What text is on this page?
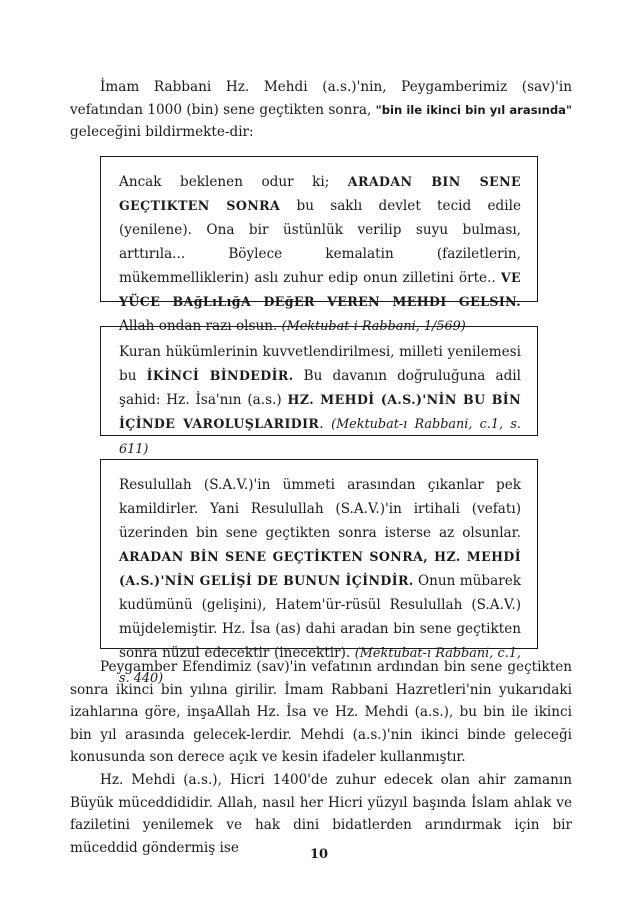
İmam Rabbani Hz. Mehdi (a.s.)'nin, Peygamberimiz (sav)'in vefatından 1000 (bin) sene geçtikten sonra, "bin ile ikinci bin yıl arasında" geleceğini bildirmekte-dir:

Ancak beklenen odur ki; ARADAN BIN SENE GEÇTIKTEN SONRA bu saklı devlet tecid edile (yenilene). Ona bir üstünlük verilip suyu bulması, arttırıla... Böylece kemalatin (faziletlerin, mükemmelliklerin) aslı zuhur edip onun zilletini örte.. VE YÜCE BAğLıLığA DEğER VEREN MEHDI GELSIN. Allah ondan razı olsun. (Mektubat-i Rabbani, 1/569)

Kuran hükümlerinin kuvvetlendirilmesi, milleti yenilemesi bu İKİNCİ BİNDEDİR. Bu davanın doğruluğuna adil şahid: Hz. İsa'nın (a.s.) HZ. MEHDİ (A.S.)'NİN BU BİN İÇİNDE VAROLUŞLARIDIR. (Mektubat-ı Rabbani, c.1, s. 611)

Resulullah (S.A.V.)'in ümmeti arasından çıkanlar pek kamildirler. Yani Resulullah (S.A.V.)'in irtihali (vefatı) üzerinden bin sene geçtikten sonra isterse az olsunlar. ARADAN BİN SENE GEÇTİKTEN SONRA, HZ. MEHDİ (A.S.)'NİN GELİŞİ DE BUNUN İÇİNDİR. Onun mübarek kudümünü (gelişini), Hatem'ür-rüsül Resulullah (S.A.V.) müjdelemiştir. Hz. İsa (as) dahi aradan bin sene geçtikten sonra nüzul edecektir (inecektir). (Mektubat-ı Rabbani, c.1, s. 440)

Peygamber Efendimiz (sav)'in vefatının ardından bin sene geçtikten sonra ikinci bin yılına girilir. İmam Rabbani Hazretleri'nin yukarıdaki izahlarına göre, inşaAllah Hz. İsa ve Hz. Mehdi (a.s.), bu bin ile ikinci bin yıl arasında gelecek-lerdir. Mehdi (a.s.)'nin ikinci binde geleceği konusunda son derece açık ve kesin ifadeler kullanmıştır.

Hz. Mehdi (a.s.), Hicri 1400'de zuhur edecek olan ahir zamanın Büyük müceddididir. Allah, nasıl her Hicri yüzyıl başında İslam ahlak ve faziletini yenilemek ve hak dini bidatlerden arındırmak için bir müceddid göndermiş ise	10
